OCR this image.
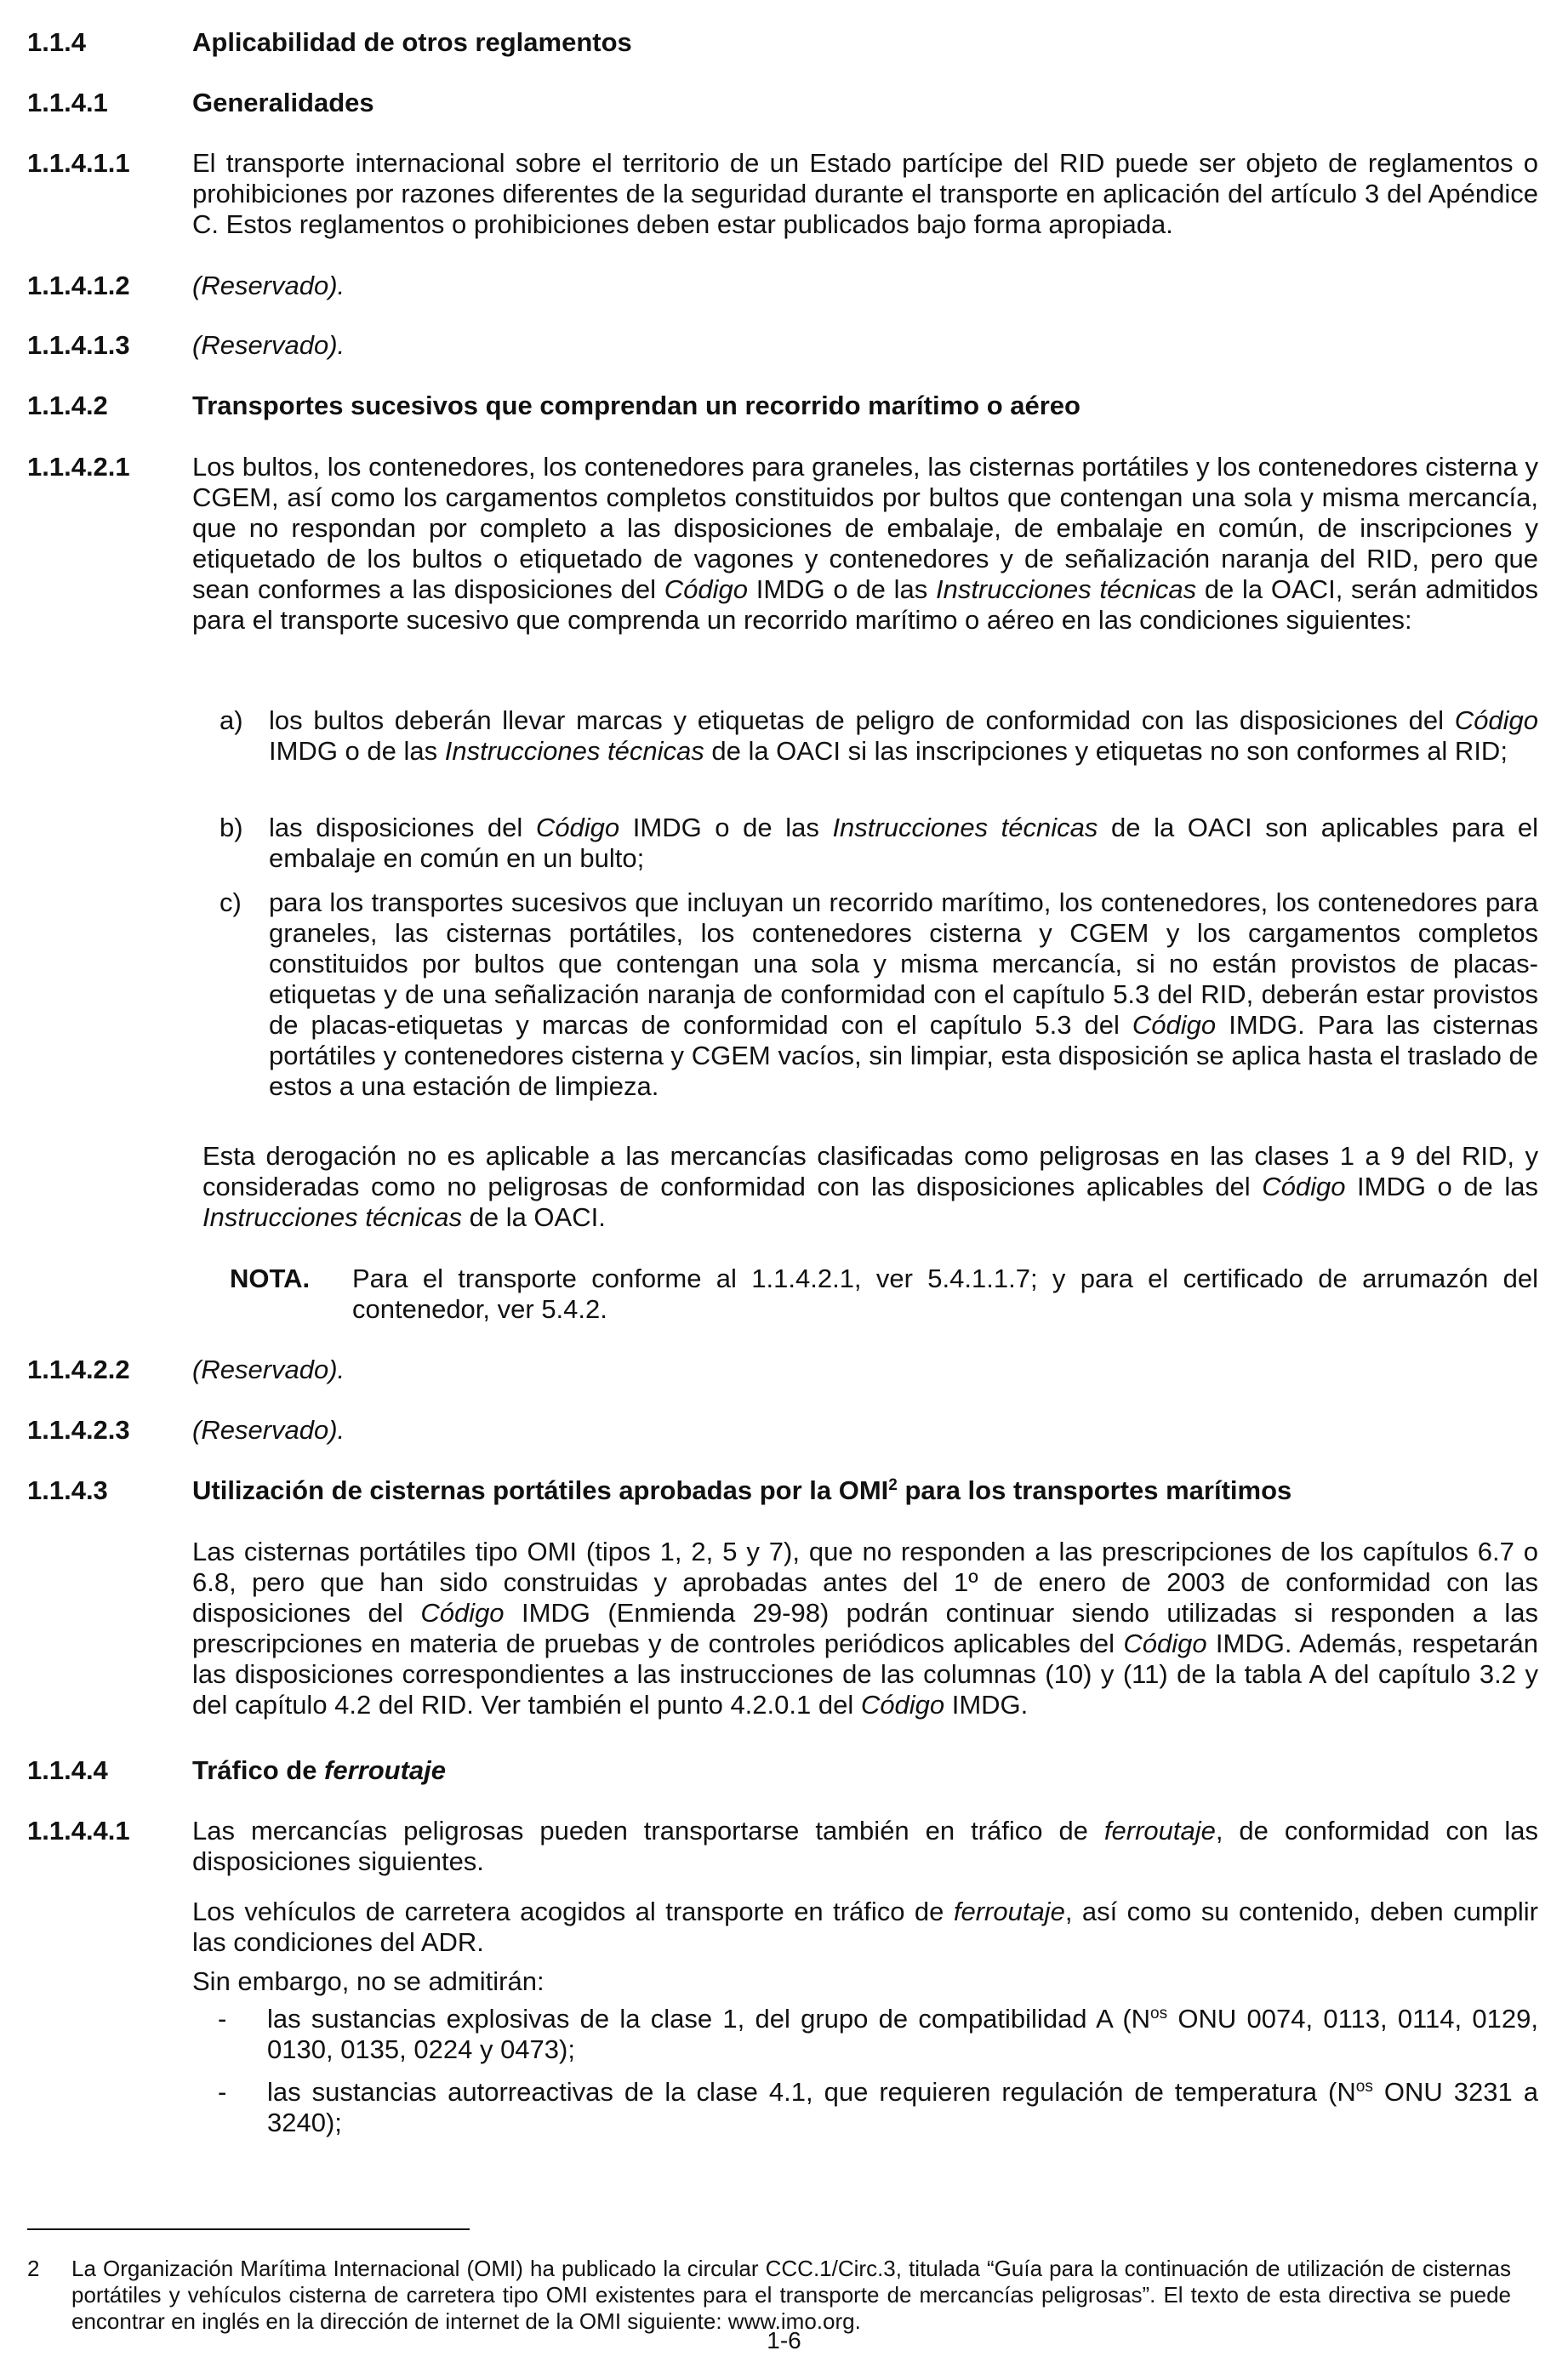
1.1.4	Aplicabilidad de otros reglamentos
1.1.4.1	Generalidades
1.1.4.1.1	El transporte internacional sobre el territorio de un Estado partícipe del RID puede ser objeto de reglamentos o prohibiciones por razones diferentes de la seguridad durante el transporte en aplicación del artículo 3 del Apéndice C. Estos reglamentos o prohibiciones deben estar publicados bajo forma apropiada.
1.1.4.1.2	(Reservado).
1.1.4.1.3	(Reservado).
1.1.4.2	Transportes sucesivos que comprendan un recorrido marítimo o aéreo
1.1.4.2.1	Los bultos, los contenedores, los contenedores para graneles, las cisternas portátiles y los contenedores cisterna y CGEM, así como los cargamentos completos constituidos por bultos que contengan una sola y misma mercancía, que no respondan por completo a las disposiciones de embalaje, de embalaje en común, de inscripciones y etiquetado de los bultos o etiquetado de vagones y contenedores y de señalización naranja del RID, pero que sean conformes a las disposiciones del Código IMDG o de las Instrucciones técnicas de la OACI, serán admitidos para el transporte sucesivo que comprenda un recorrido marítimo o aéreo en las condiciones siguientes:
a) los bultos deberán llevar marcas y etiquetas de peligro de conformidad con las disposiciones del Código IMDG o de las Instrucciones técnicas de la OACI si las inscripciones y etiquetas no son conformes al RID;
b) las disposiciones del Código IMDG o de las Instrucciones técnicas de la OACI son aplicables para el embalaje en común en un bulto;
c) para los transportes sucesivos que incluyan un recorrido marítimo, los contenedores, los contenedores para graneles, las cisternas portátiles, los contenedores cisterna y CGEM y los cargamentos completos constituidos por bultos que contengan una sola y misma mercancía, si no están provistos de placas-etiquetas y de una señalización naranja de conformidad con el capítulo 5.3 del RID, deberán estar provistos de placas-etiquetas y marcas de conformidad con el capítulo 5.3 del Código IMDG. Para las cisternas portátiles y contenedores cisterna y CGEM vacíos, sin limpiar, esta disposición se aplica hasta el traslado de estos a una estación de limpieza.
Esta derogación no es aplicable a las mercancías clasificadas como peligrosas en las clases 1 a 9 del RID, y consideradas como no peligrosas de conformidad con las disposiciones aplicables del Código IMDG o de las Instrucciones técnicas de la OACI.
NOTA. Para el transporte conforme al 1.1.4.2.1, ver 5.4.1.1.7; y para el certificado de arrumazón del contenedor, ver 5.4.2.
1.1.4.2.2	(Reservado).
1.1.4.2.3	(Reservado).
1.1.4.3	Utilización de cisternas portátiles aprobadas por la OMI$^2$ para los transportes marítimos
Las cisternas portátiles tipo OMI (tipos 1, 2, 5 y 7), que no responden a las prescripciones de los capítulos 6.7 o 6.8, pero que han sido construidas y aprobadas antes del 1º de enero de 2003 de conformidad con las disposiciones del Código IMDG (Enmienda 29-98) podrán continuar siendo utilizadas si responden a las prescripciones en materia de pruebas y de controles periódicos aplicables del Código IMDG. Además, respetarán las disposiciones correspondientes a las instrucciones de las columnas (10) y (11) de la tabla A del capítulo 3.2 y del capítulo 4.2 del RID. Ver también el punto 4.2.0.1 del Código IMDG.
1.1.4.4	Tráfico de ferroutaje
1.1.4.4.1	Las mercancías peligrosas pueden transportarse también en tráfico de ferroutaje, de conformidad con las disposiciones siguientes.
Los vehículos de carretera acogidos al transporte en tráfico de ferroutaje, así como su contenido, deben cumplir las condiciones del ADR.
Sin embargo, no se admitirán:
- las sustancias explosivas de la clase 1, del grupo de compatibilidad A ($N^{os}$ ONU 0074, 0113, 0114, 0129, 0130, 0135, 0224 y 0473);
- las sustancias autorreactivas de la clase 4.1, que requieren regulación de temperatura ($N^{os}$ ONU 3231 a 3240);
2 La Organización Marítima Internacional (OMI) ha publicado la circular CCC.1/Circ.3, titulada “Guía para la continuación de utilización de cisternas portátiles y vehículos cisterna de carretera tipo OMI existentes para el transporte de mercancías peligrosas”. El texto de esta directiva se puede encontrar en inglés en la dirección de internet de la OMI siguiente: www.imo.org.
1-6
